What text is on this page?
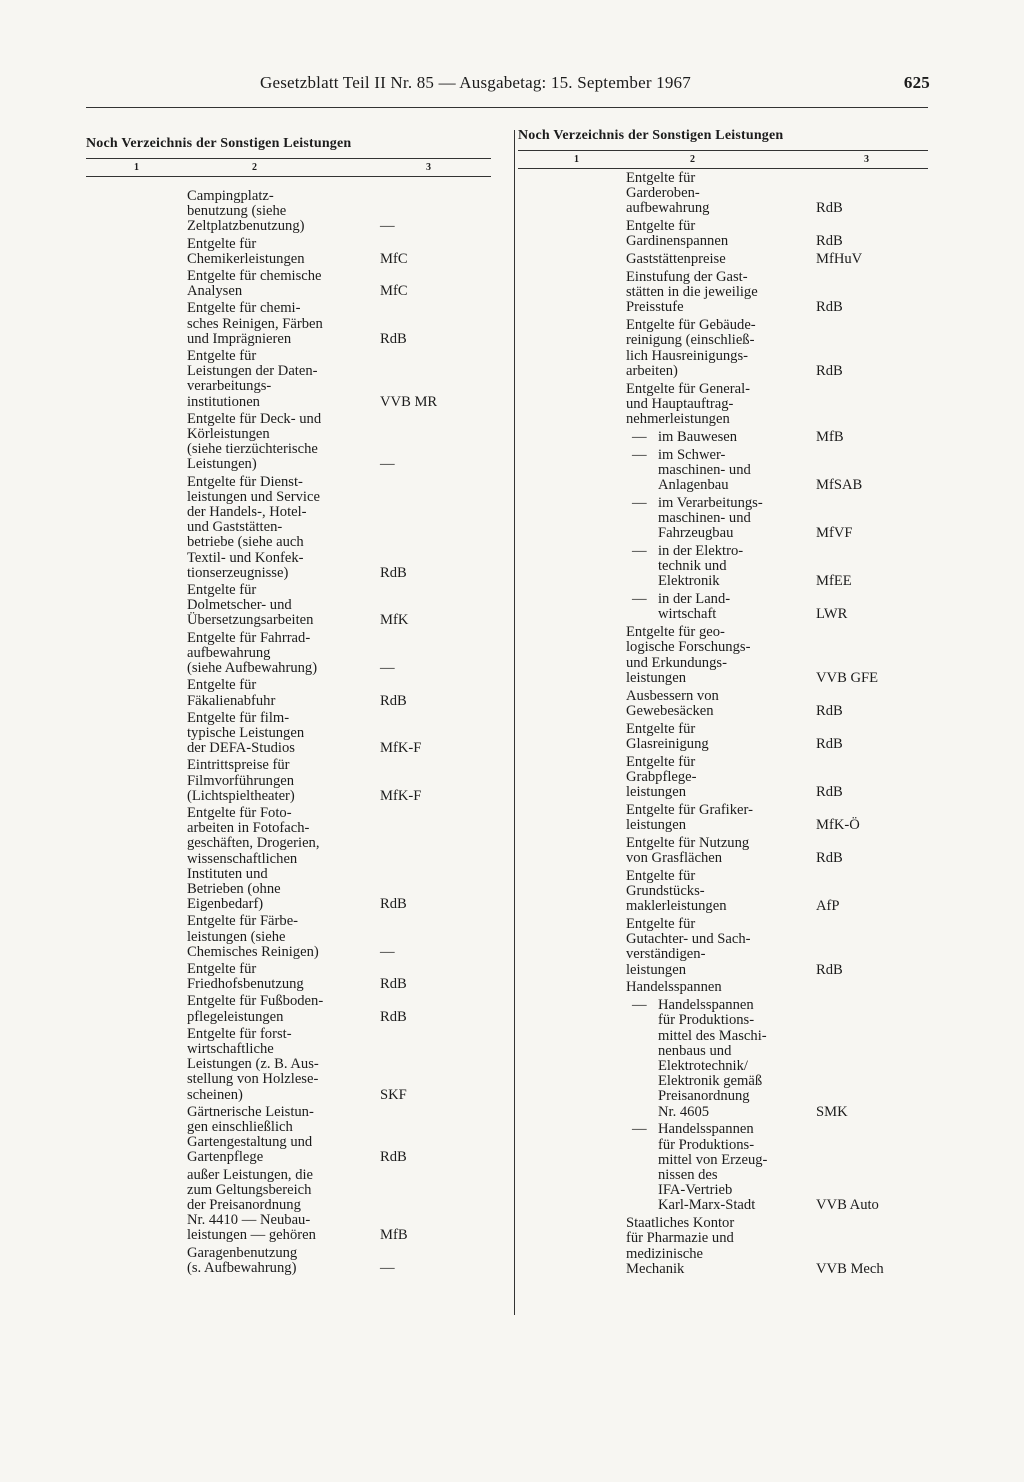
Gesetzblatt Teil II Nr. 85 — Ausgabetag: 15. September 1967	625
Noch Verzeichnis der Sonstigen Leistungen
1	2	3
Campingplatz-
benutzung (siehe
Zeltplatzbenutzung)	—
Entgelte für
Chemikerleistungen	MfC
Entgelte für chemische
Analysen	MfC
Entgelte für chemi-
sches Reinigen, Färben
und Imprägnieren	RdB
Entgelte für
Leistungen der Daten-
verarbeitungs-
institutionen	VVB MR
Entgelte für Deck- und
Körleistungen
(siehe tierzüchterische
Leistungen)	—
Entgelte für Dienst-
leistungen und Service
der Handels-, Hotel-
und Gaststätten-
betriebe (siehe auch
Textil- und Konfek-
tionserzeugnisse)	RdB
Entgelte für
Dolmetscher- und
Übersetzungsarbeiten	MfK
Entgelte für Fahrrad-
aufbewahrung
(siehe Aufbewahrung)	—
Entgelte für
Fäkalienabfuhr	RdB
Entgelte für film-
typische Leistungen
der DEFA-Studios	MfK-F
Eintrittspreise für
Filmvorführungen
(Lichtspieltheater)	MfK-F
Entgelte für Foto-
arbeiten in Fotofach-
geschäften, Drogerien,
wissenschaftlichen
Instituten und
Betrieben (ohne
Eigenbedarf)	RdB
Entgelte für Färbe-
leistungen (siehe
Chemisches Reinigen)	—
Entgelte für
Friedhofsbenutzung	RdB
Entgelte für Fußboden-
pflegeleistungen	RdB
Entgelte für forst-
wirtschaftliche
Leistungen (z. B. Aus-
stellung von Holzlese-
scheinen)	SKF
Gärtnerische Leistun-
gen einschließlich
Gartengestaltung und
Gartenpflege	RdB
außer Leistungen, die
zum Geltungsbereich
der Preisanordnung
Nr. 4410 — Neubau-
leistungen — gehören	MfB
Garagenbenutzung
(s. Aufbewahrung)	—
Noch Verzeichnis der Sonstigen Leistungen
1	2	3
Entgelte für
Garderoben-
aufbewahrung	RdB
Entgelte für
Gardinenspannen	RdB
Gaststättenpreise	MfHuV
Einstufung der Gast-
stätten in die jeweilige
Preisstufe	RdB
Entgelte für Gebäude-
reinigung (einschließ-
lich Hausreinigungs-
arbeiten)	RdB
Entgelte für General-
und Hauptauftrag-
nehmerleistungen
— im Bauwesen	MfB
— im Schwer-
maschinen- und
Anlagenbau	MfSAB
— im Verarbeitungs-
maschinen- und
Fahrzeugbau	MfVF
— in der Elektro-
technik und
Elektronik	MfEE
— in der Land-
wirtschaft	LWR
Entgelte für geo-
logische Forschungs-
und Erkundungs-
leistungen	VVB GFE
Ausbessern von
Gewebesäcken	RdB
Entgelte für
Glasreinigung	RdB
Entgelte für
Grabpflege-
leistungen	RdB
Entgelte für Grafiker-
leistungen	MfK-Ö
Entgelte für Nutzung
von Grasflächen	RdB
Entgelte für
Grundstücks-
maklerleistungen	AfP
Entgelte für
Gutachter- und Sach-
verständigen-
leistungen	RdB
Handelsspannen
— Handelsspannen
für Produktions-
mittel des Maschi-
nenbaus und
Elektrotechnik/
Elektronik gemäß
Preisanordnung
Nr. 4605	SMK
— Handelsspannen
für Produktions-
mittel von Erzeug-
nissen des
IFA-Vertrieb
Karl-Marx-Stadt	VVB Auto
Staatliches Kontor
für Pharmazie und
medizinische
Mechanik	VVB Mech
